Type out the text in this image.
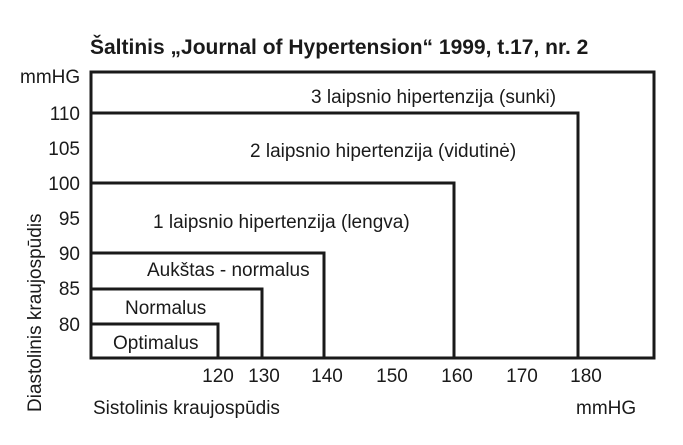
Šaltinis „Journal of Hypertension“ 1999, t.17, nr. 2
mmHG
3 laipsnio hipertenzija (sunki)
2 laipsnio hipertenzija (vidutinė)
1 laipsnio hipertenzija (lengva)
Aukštas - normalus
Normalus
Optimalus
110
105
100
95
90
85
80
120 130 140 150 160 170 180
Sistolinis kraujospūdis	mmHG
Diastolinis kraujospūdis
